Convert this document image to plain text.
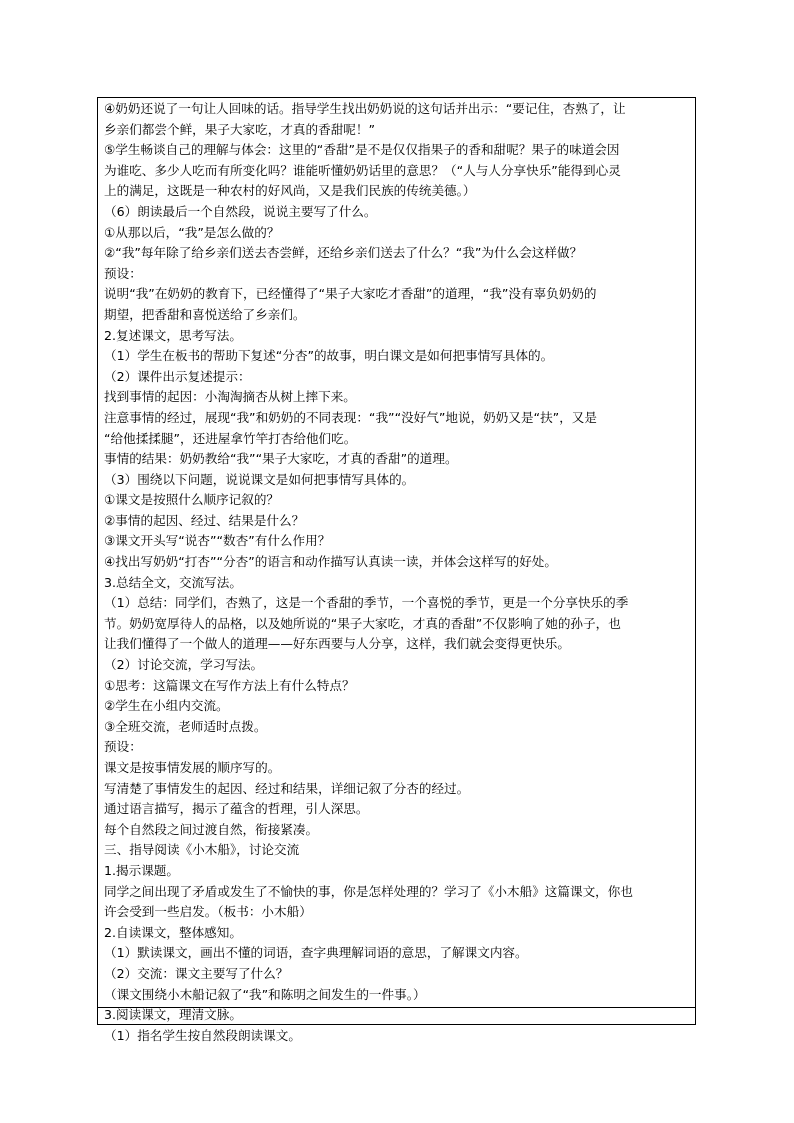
④奶奶还说了一句让人回味的话。指导学生找出奶奶说的这句话并出示：“要记住，杏熟了，让
乡亲们都尝个鲜，果子大家吃，才真的香甜呢！”
⑤学生畅谈自己的理解与体会：这里的“香甜”是不是仅仅指果子的香和甜呢？果子的味道会因
为谁吃、多少人吃而有所变化吗？谁能听懂奶奶话里的意思？（“人与人分享快乐”能得到心灵
上的满足，这既是一种农村的好风尚，又是我们民族的传统美德。）
（6）朗读最后一个自然段，说说主要写了什么。
①从那以后，“我”是怎么做的？
②“我”每年除了给乡亲们送去杏尝鲜，还给乡亲们送去了什么？“我”为什么会这样做？
预设：
说明“我”在奶奶的教育下，已经懂得了“果子大家吃才香甜”的道理，“我”没有辜负奶奶的
期望，把香甜和喜悦送给了乡亲们。
2.复述课文，思考写法。
（1）学生在板书的帮助下复述“分杏”的故事，明白课文是如何把事情写具体的。
（2）课件出示复述提示：
找到事情的起因：小淘淘摘杏从树上摔下来。
注意事情的经过，展现“我”和奶奶的不同表现：“我”“没好气”地说，奶奶又是“扶”，又是
“给他揉揉腿”，还进屋拿竹竿打杏给他们吃。
事情的结果：奶奶教给“我”“果子大家吃，才真的香甜”的道理。
（3）围绕以下问题，说说课文是如何把事情写具体的。
①课文是按照什么顺序记叙的？
②事情的起因、经过、结果是什么？
③课文开头写“说杏”“数杏”有什么作用？
④找出写奶奶“打杏”“分杏”的语言和动作描写认真读一读，并体会这样写的好处。
3.总结全文，交流写法。
（1）总结：同学们，杏熟了，这是一个香甜的季节，一个喜悦的季节，更是一个分享快乐的季
节。奶奶宽厚待人的品格，以及她所说的“果子大家吃，才真的香甜”不仅影响了她的孙子，也
让我们懂得了一个做人的道理——好东西要与人分享，这样，我们就会变得更快乐。
（2）讨论交流，学习写法。
①思考：这篇课文在写作方法上有什么特点？
②学生在小组内交流。
③全班交流，老师适时点拨。
预设：
课文是按事情发展的顺序写的。
写清楚了事情发生的起因、经过和结果，详细记叙了分杏的经过。
通过语言描写，揭示了蕴含的哲理，引人深思。
每个自然段之间过渡自然，衔接紧凑。
三、指导阅读《小木船》，讨论交流
1.揭示课题。
同学之间出现了矛盾或发生了不愉快的事，你是怎样处理的？学习了《小木船》这篇课文，你也
许会受到一些启发。（板书：小木船）
2.自读课文，整体感知。
（1）默读课文，画出不懂的词语，查字典理解词语的意思，了解课文内容。
（2）交流：课文主要写了什么？
（课文围绕小木船记叙了“我”和陈明之间发生的一件事。）
3.阅读课文，理清文脉。
（1）指名学生按自然段朗读课文。
